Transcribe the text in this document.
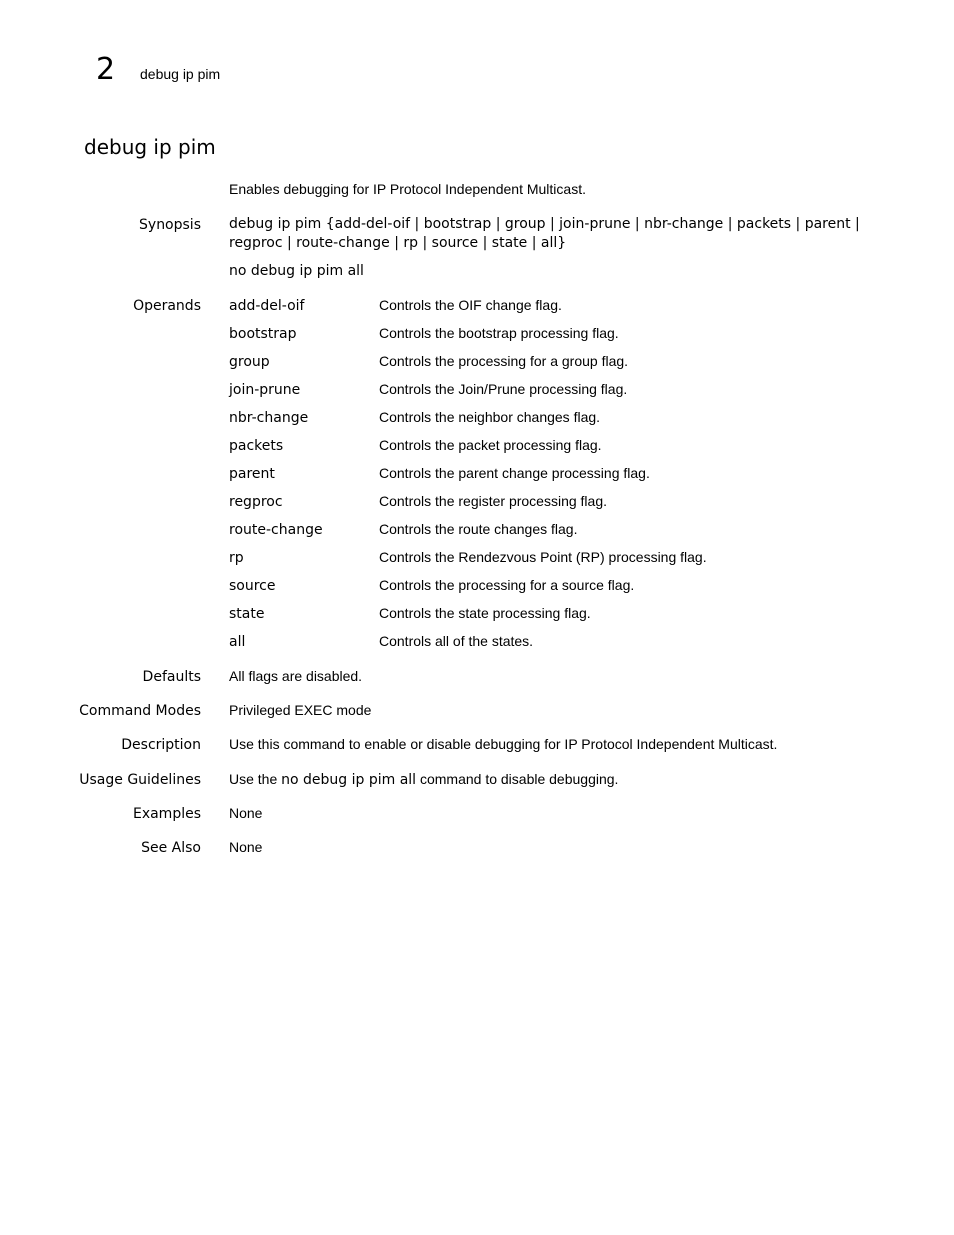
2 debug ip pim
debug ip pim
Enables debugging for IP Protocol Independent Multicast.
Synopsis debug ip pim {add-del-oif | bootstrap | group | join-prune | nbr-change | packets | parent |
regproc | route-change | rp | source | state | all}
no debug ip pim all
Operands add-del-oif	Controls the OIF change flag.
bootstrap	Controls the bootstrap processing flag.
group	Controls the processing for a group flag.
join-prune	Controls the Join/Prune processing flag.
nbr-change	Controls the neighbor changes flag.
packets	Controls the packet processing flag.
parent	Controls the parent change processing flag.
regproc	Controls the register processing flag.
route-change	Controls the route changes flag.
rp	Controls the Rendezvous Point (RP) processing flag.
source	Controls the processing for a source flag.
state	Controls the state processing flag.
all	Controls all of the states.
Defaults All flags are disabled.
Command Modes Privileged EXEC mode
Description Use this command to enable or disable debugging for IP Protocol Independent Multicast.
Usage Guidelines Use the no debug ip pim all command to disable debugging.
Examples None
See Also None
